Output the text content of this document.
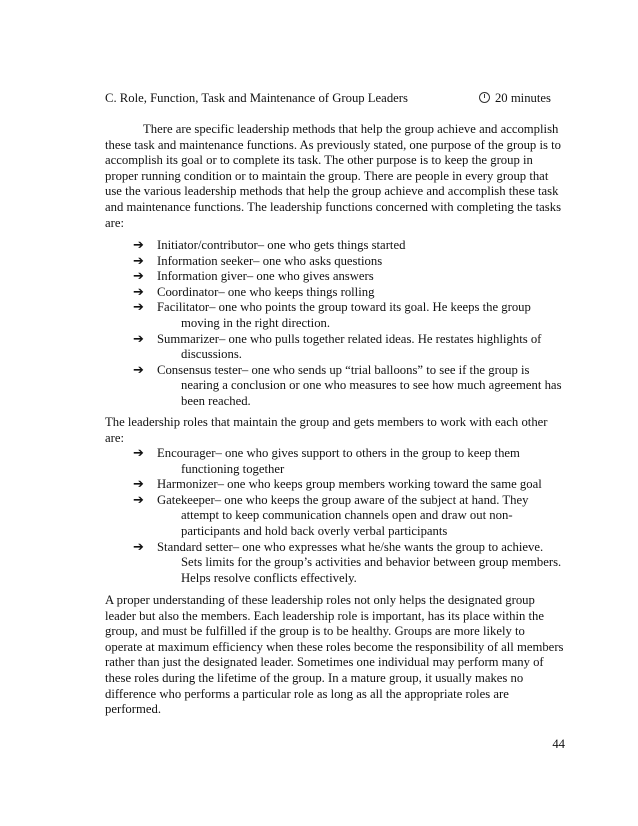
C. Role, Function, Task and Maintenance of Group Leaders	20 minutes

There are specific leadership methods that help the group achieve and accomplish these task and maintenance functions. As previously stated, one purpose of the group is to accomplish its goal or to complete its task. The other purpose is to keep the group in proper running condition or to maintain the group. There are people in every group that use the various leadership methods that help the group achieve and accomplish these task and maintenance functions. The leadership functions concerned with completing the tasks are:

➔ Initiator/contributor– one who gets things started
➔ Information seeker– one who asks questions
➔ Information giver– one who gives answers
➔ Coordinator– one who keeps things rolling
➔ Facilitator– one who points the group toward its goal. He keeps the group
moving in the right direction.
➔ Summarizer– one who pulls together related ideas. He restates highlights of
discussions.
➔ Consensus tester– one who sends up “trial balloons” to see if the group is
nearing a conclusion or one who measures to see how much agreement has been reached.

The leadership roles that maintain the group and gets members to work with each other are:

➔ Encourager– one who gives support to others in the group to keep them
functioning together
➔ Harmonizer– one who keeps group members working toward the same goal
➔ Gatekeeper– one who keeps the group aware of the subject at hand. They
attempt to keep communication channels open and draw out non-participants and hold back overly verbal participants
➔ Standard setter– one who expresses what he/she wants the group to achieve.
Sets limits for the group’s activities and behavior between group members. Helps resolve conflicts effectively.

A proper understanding of these leadership roles not only helps the designated group leader but also the members. Each leadership role is important, has its place within the group, and must be fulfilled if the group is to be healthy. Groups are more likely to operate at maximum efficiency when these roles become the responsibility of all members rather than just the designated leader. Sometimes one individual may perform many of these roles during the lifetime of the group. In a mature group, it usually makes no difference who performs a particular role as long as all the appropriate roles are performed.

44
